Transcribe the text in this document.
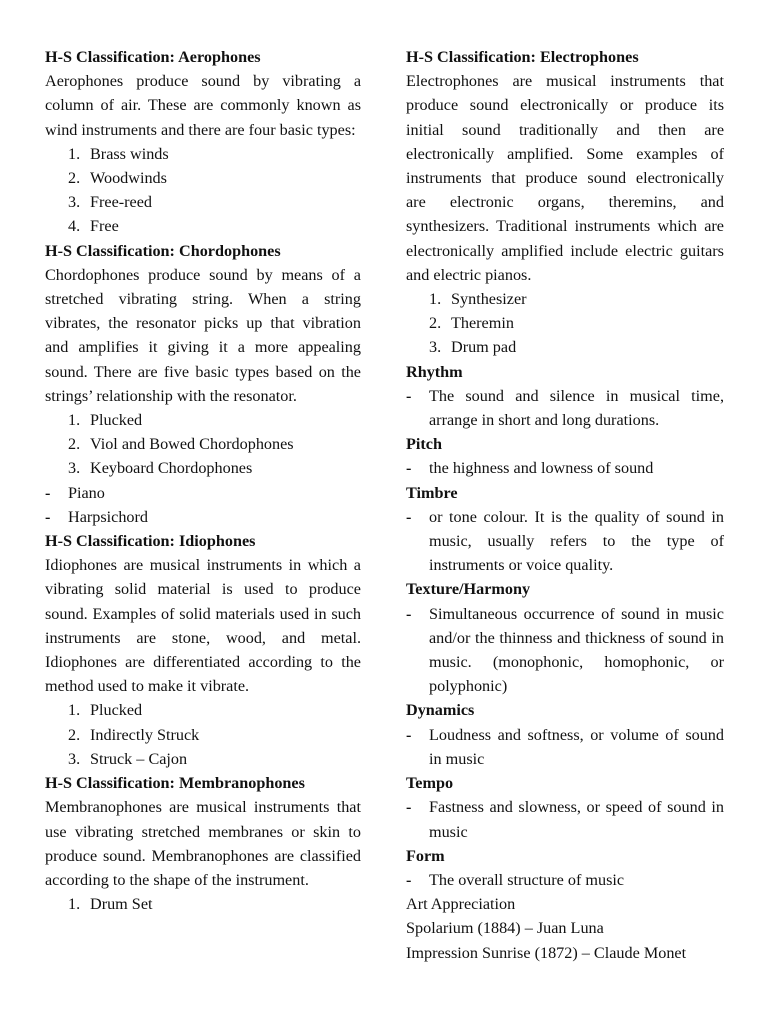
H-S Classification: Aerophones
Aerophones produce sound by vibrating a column of air. These are commonly known as wind instruments and there are four basic types:
1. Brass winds
2. Woodwinds
3. Free-reed
4. Free
H-S Classification: Chordophones
Chordophones produce sound by means of a stretched vibrating string. When a string vibrates, the resonator picks up that vibration and amplifies it giving it a more appealing sound. There are five basic types based on the strings’ relationship with the resonator.
1. Plucked
2. Viol and Bowed Chordophones
3. Keyboard Chordophones
-	Piano
-	Harpsichord
H-S Classification: Idiophones
Idiophones are musical instruments in which a vibrating solid material is used to produce sound. Examples of solid materials used in such instruments are stone, wood, and metal. Idiophones are differentiated according to the method used to make it vibrate.
1. Plucked
2. Indirectly Struck
3. Struck – Cajon
H-S Classification: Membranophones
Membranophones are musical instruments that use vibrating stretched membranes or skin to produce sound. Membranophones are classified according to the shape of the instrument.
1. Drum Set
H-S Classification: Electrophones
Electrophones are musical instruments that produce sound electronically or produce its initial sound traditionally and then are electronically amplified. Some examples of instruments that produce sound electronically are electronic organs, theremins, and synthesizers. Traditional instruments which are electronically amplified include electric guitars and electric pianos.
1. Synthesizer
2. Theremin
3. Drum pad
Rhythm
-	The sound and silence in musical time, arrange in short and long durations.
Pitch
-	the highness and lowness of sound
Timbre
-	or tone colour. It is the quality of sound in music, usually refers to the type of instruments or voice quality.
Texture/Harmony
-	Simultaneous occurrence of sound in music and/or the thinness and thickness of sound in music. (monophonic, homophonic, or polyphonic)
Dynamics
-	Loudness and softness, or volume of sound in music
Tempo
-	Fastness and slowness, or speed of sound in music
Form
-	The overall structure of music
Art Appreciation
Spolarium (1884) – Juan Luna
Impression Sunrise (1872) – Claude Monet
